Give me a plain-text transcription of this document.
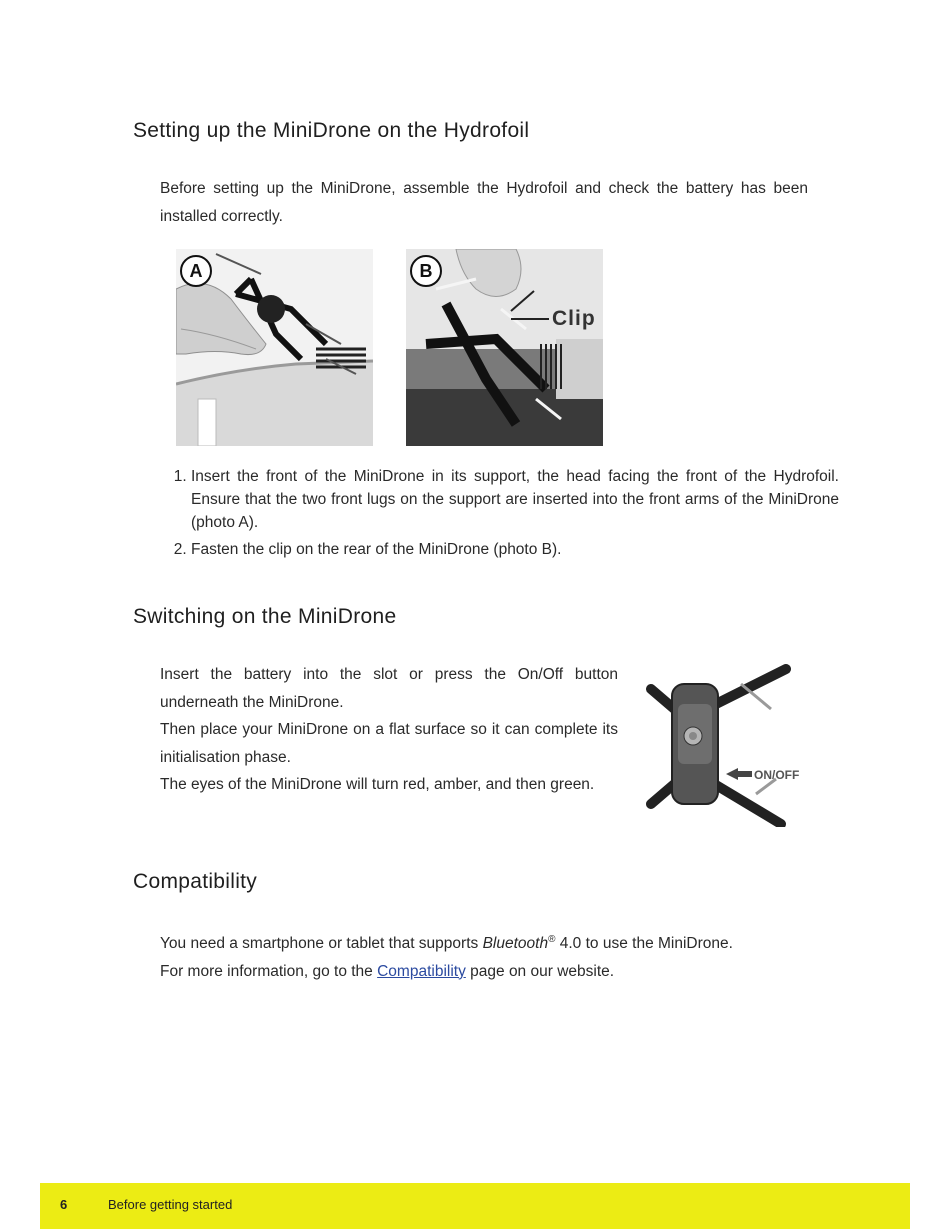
Setting up the MiniDrone on the Hydrofoil

Before setting up the MiniDrone, assemble the Hydrofoil and check the battery has been installed correctly.

A	B
Clip
1. Insert the front of the MiniDrone in its support, the head facing the front of the Hydrofoil. Ensure that the two front lugs on the support are inserted into the front arms of the MiniDrone (photo A).
2. Fasten the clip on the rear of the MiniDrone (photo B).
Switching on the MiniDrone

Insert the battery into the slot or press the On/Off button underneath the MiniDrone.

Then place your MiniDrone on a flat surface so it can complete its initialisation phase.

The eyes of the MiniDrone will turn red, amber, and then green.

ON/OFF
Compatibility

You need a smartphone or tablet that supports Bluetooth® 4.0 to use the MiniDrone.

For more information, go to the Compatibility page on our website.

6	Before getting started
